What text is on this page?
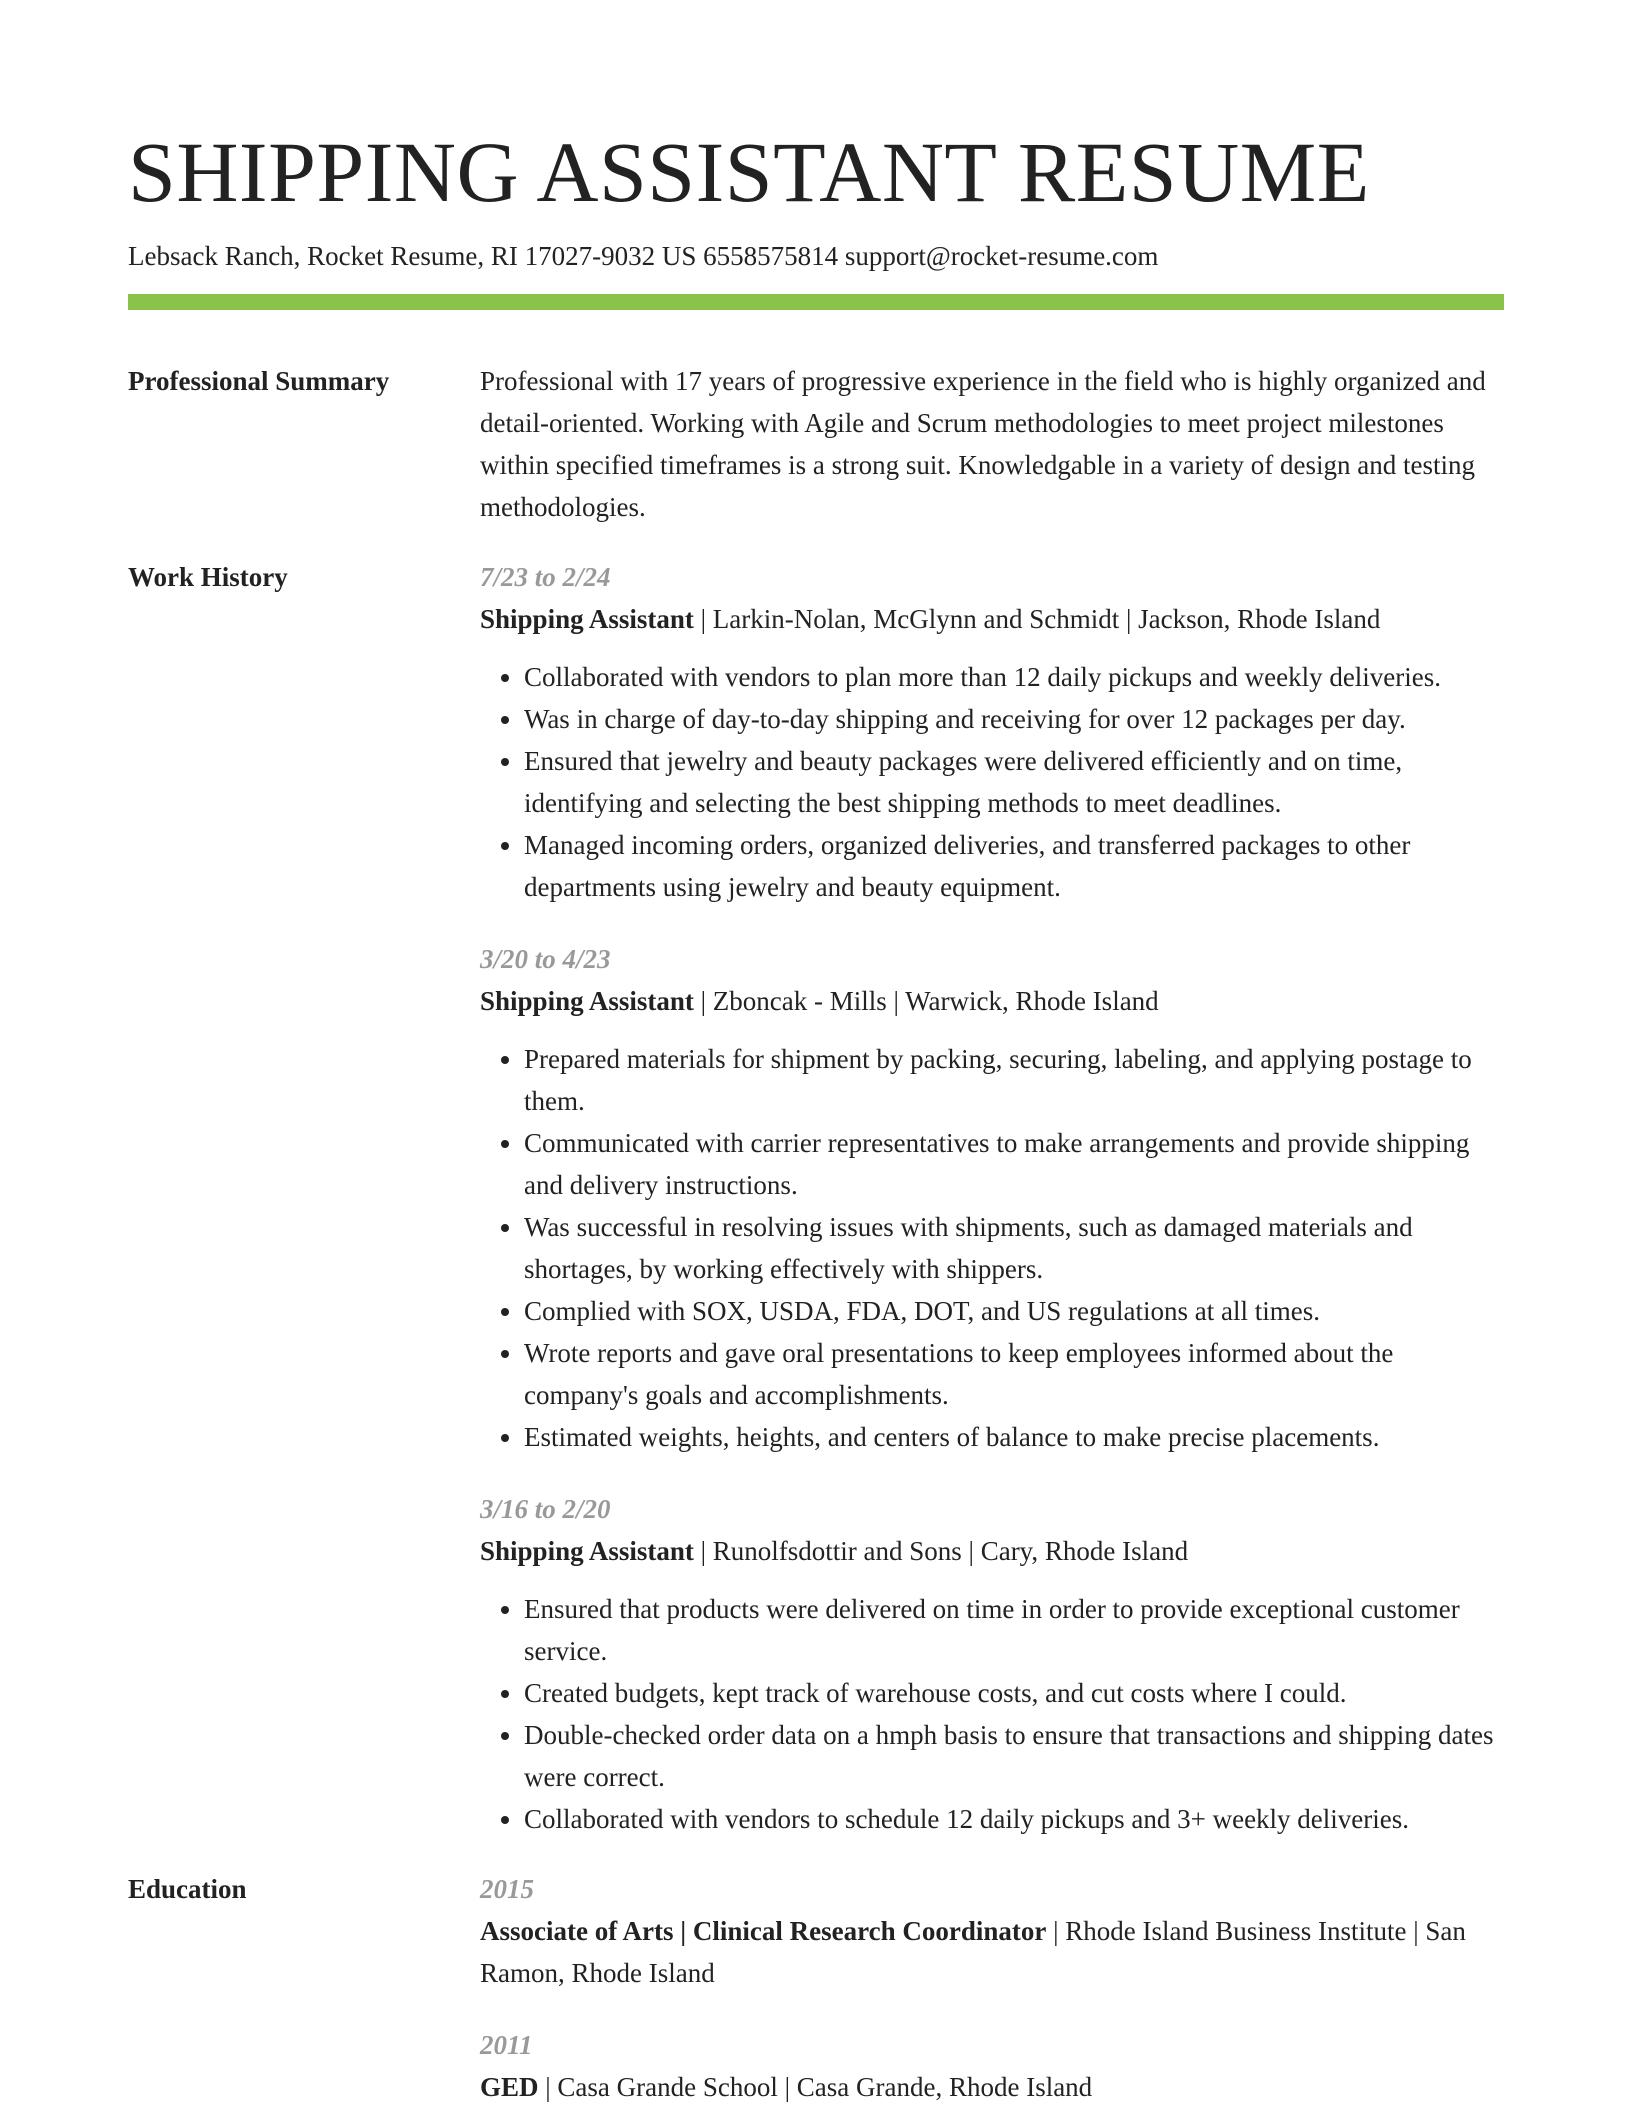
SHIPPING ASSISTANT RESUME
Lebsack Ranch, Rocket Resume, RI 17027-9032 US 6558575814 support@rocket-resume.com
Professional Summary	Professional with 17 years of progressive experience in the field who is highly organized and detail-oriented. Working with Agile and Scrum methodologies to meet project milestones within specified timeframes is a strong suit. Knowledgable in a variety of design and testing methodologies.
Work History	7/23 to 2/24
Shipping Assistant | Larkin-Nolan, McGlynn and Schmidt | Jackson, Rhode Island
• Collaborated with vendors to plan more than 12 daily pickups and weekly deliveries.
• Was in charge of day-to-day shipping and receiving for over 12 packages per day.
• Ensured that jewelry and beauty packages were delivered efficiently and on time, identifying and selecting the best shipping methods to meet deadlines.
• Managed incoming orders, organized deliveries, and transferred packages to other departments using jewelry and beauty equipment.
3/20 to 4/23
Shipping Assistant | Zboncak - Mills | Warwick, Rhode Island
• Prepared materials for shipment by packing, securing, labeling, and applying postage to them.
• Communicated with carrier representatives to make arrangements and provide shipping and delivery instructions.
• Was successful in resolving issues with shipments, such as damaged materials and shortages, by working effectively with shippers.
• Complied with SOX, USDA, FDA, DOT, and US regulations at all times.
• Wrote reports and gave oral presentations to keep employees informed about the company's goals and accomplishments.
• Estimated weights, heights, and centers of balance to make precise placements.
3/16 to 2/20
Shipping Assistant | Runolfsdottir and Sons | Cary, Rhode Island
• Ensured that products were delivered on time in order to provide exceptional customer service.
• Created budgets, kept track of warehouse costs, and cut costs where I could.
• Double-checked order data on a hmph basis to ensure that transactions and shipping dates were correct.
• Collaborated with vendors to schedule 12 daily pickups and 3+ weekly deliveries.
Education	2015
Associate of Arts | Clinical Research Coordinator | Rhode Island Business Institute | San Ramon, Rhode Island
2011
GED | Casa Grande School | Casa Grande, Rhode Island
